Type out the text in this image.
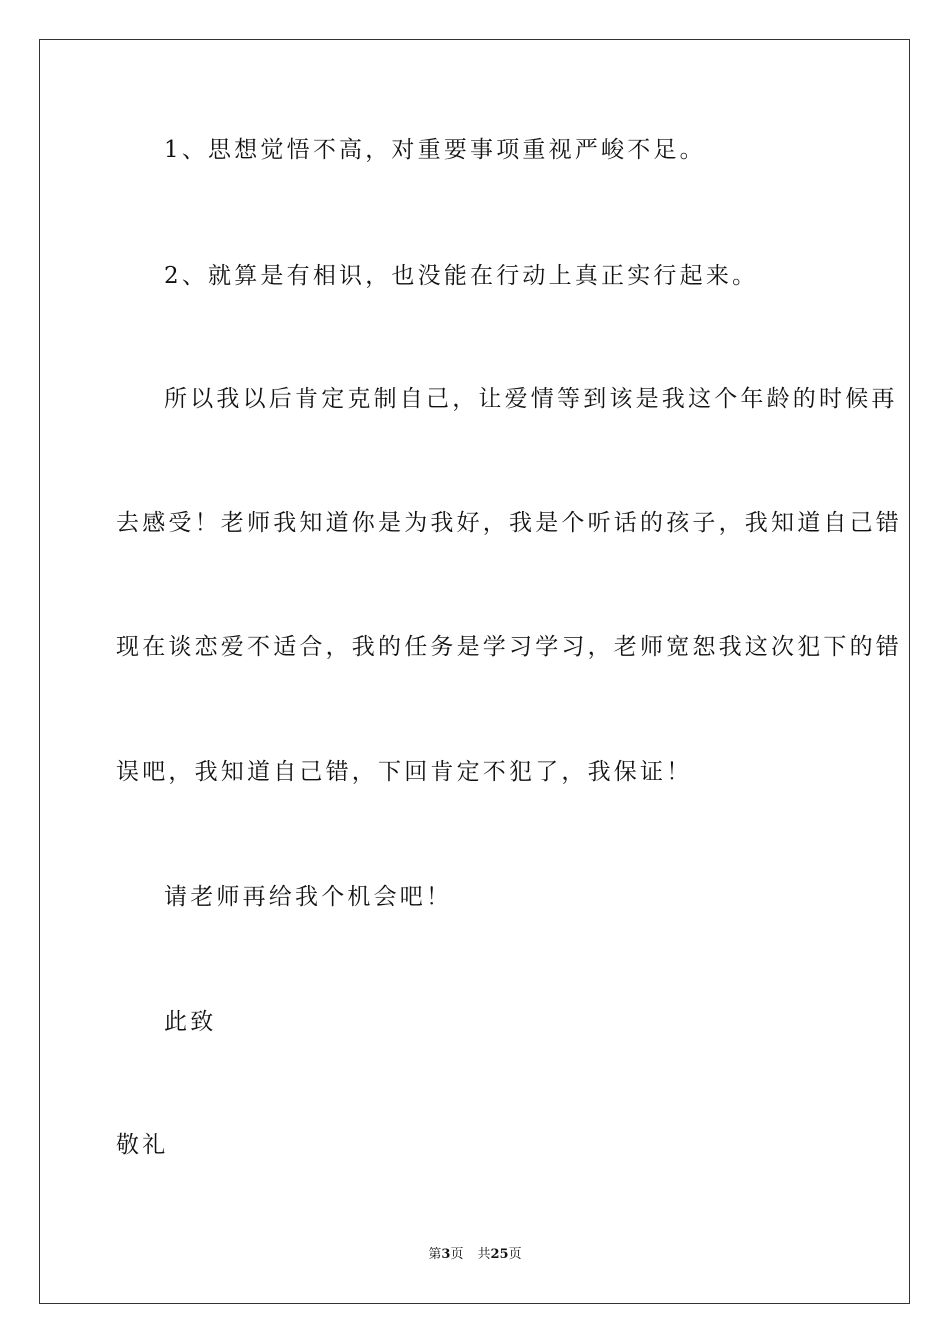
1、思想觉悟不高，对重要事项重视严峻不足。
2、就算是有相识，也没能在行动上真正实行起来。
所以我以后肯定克制自己，让爱情等到该是我这个年龄的时候再
去感受！老师我知道你是为我好，我是个听话的孩子，我知道自己错
现在谈恋爱不适合，我的任务是学习学习，老师宽恕我这次犯下的错
误吧，我知道自己错，下回肯定不犯了，我保证！
请老师再给我个机会吧！
此致
敬礼
第3页 共25页
